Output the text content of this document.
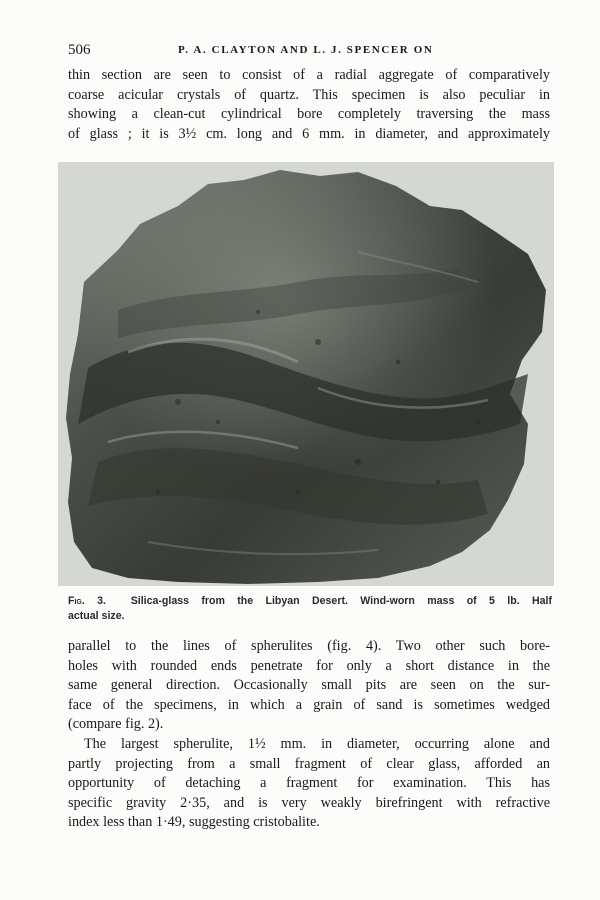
506	P. A. CLAYTON AND L. J. SPENCER ON
thin section are seen to consist of a radial aggregate of comparatively
coarse acicular crystals of quartz. This specimen is also peculiar in
showing a clean-cut cylindrical bore completely traversing the mass
of glass ; it is 3½ cm. long and 6 mm. in diameter, and approximately
Fig. 3. Silica-glass from the Libyan Desert. Wind-worn mass of 5 lb. Half
actual size.
parallel to the lines of spherulites (fig. 4). Two other such bore-
holes with rounded ends penetrate for only a short distance in the
same general direction. Occasionally small pits are seen on the sur-
face of the specimens, in which a grain of sand is sometimes wedged
(compare fig. 2).
The largest spherulite, 1½ mm. in diameter, occurring alone and
partly projecting from a small fragment of clear glass, afforded an
opportunity of detaching a fragment for examination. This has
specific gravity 2·35, and is very weakly birefringent with refractive
index less than 1·49, suggesting cristobalite.
